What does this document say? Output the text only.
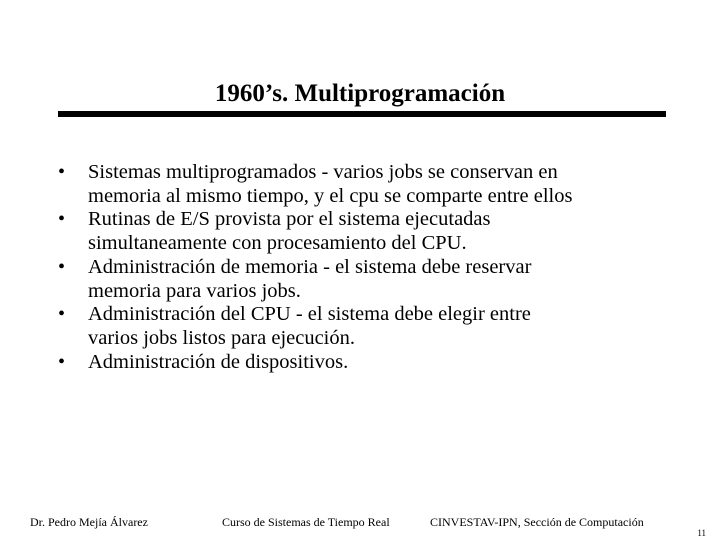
1960’s. Multiprogramación
• Sistemas multiprogramados - varios jobs se conservan en
memoria al mismo tiempo, y el cpu se comparte entre ellos
• Rutinas de E/S provista por el sistema ejecutadas
simultaneamente con procesamiento del CPU.
• Administración de memoria - el sistema debe reservar
memoria para varios jobs.
• Administración del CPU - el sistema debe elegir entre
varios jobs listos para ejecución.
• Administración de dispositivos.
Dr. Pedro Mejía Álvarez	Curso de Sistemas de Tiempo Real	CINVESTAV-IPN, Sección de Computación
11
